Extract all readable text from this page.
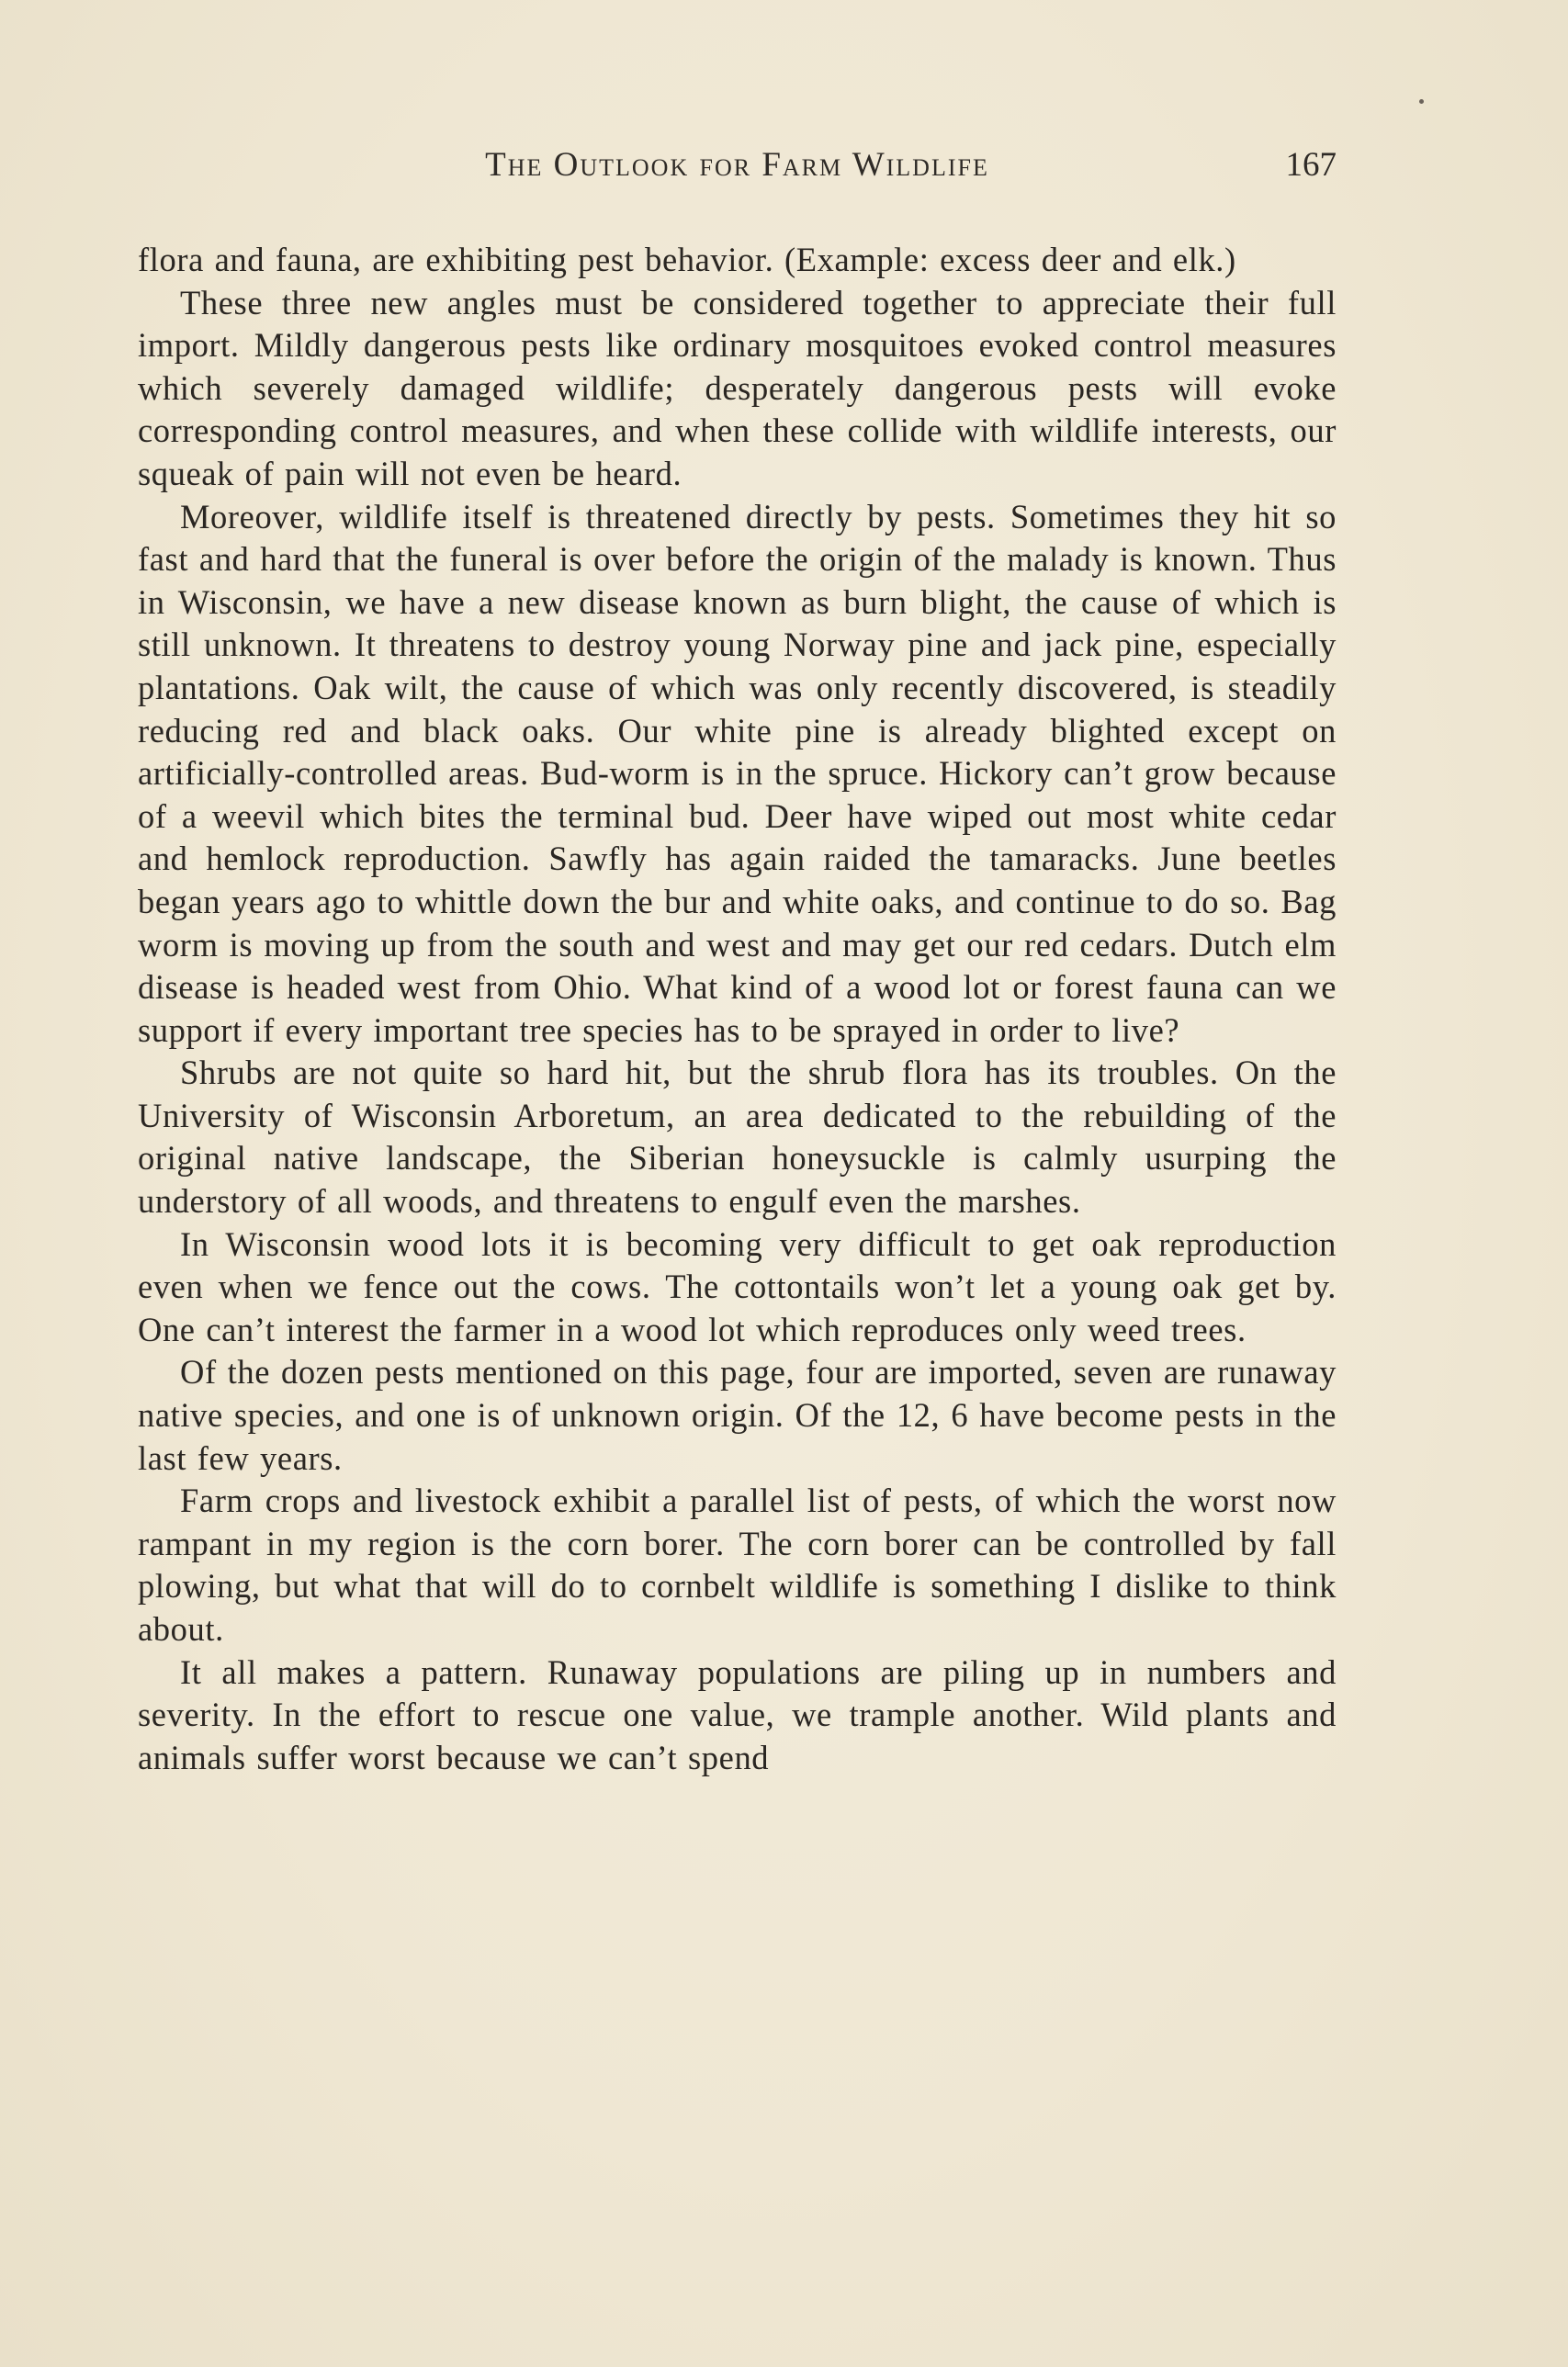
The Outlook for Farm Wildlife	167

flora and fauna, are exhibiting pest behavior. (Example: excess deer and elk.)

These three new angles must be considered together to appreciate their full import. Mildly dangerous pests like ordinary mosquitoes evoked control measures which severely damaged wildlife; desperately dangerous pests will evoke corresponding control measures, and when these collide with wildlife interests, our squeak of pain will not even be heard.

Moreover, wildlife itself is threatened directly by pests. Sometimes they hit so fast and hard that the funeral is over before the origin of the malady is known. Thus in Wisconsin, we have a new disease known as burn blight, the cause of which is still unknown. It threatens to destroy young Norway pine and jack pine, especially plantations. Oak wilt, the cause of which was only recently discovered, is steadily reducing red and black oaks. Our white pine is already blighted except on artificially-controlled areas. Bud-worm is in the spruce. Hickory can’t grow because of a weevil which bites the terminal bud. Deer have wiped out most white cedar and hemlock reproduction. Sawfly has again raided the tamaracks. June beetles began years ago to whittle down the bur and white oaks, and continue to do so. Bag worm is moving up from the south and west and may get our red cedars. Dutch elm disease is headed west from Ohio. What kind of a wood lot or forest fauna can we support if every important tree species has to be sprayed in order to live?

Shrubs are not quite so hard hit, but the shrub flora has its troubles. On the University of Wisconsin Arboretum, an area dedicated to the rebuilding of the original native landscape, the Siberian honeysuckle is calmly usurping the understory of all woods, and threatens to engulf even the marshes.

In Wisconsin wood lots it is becoming very difficult to get oak reproduction even when we fence out the cows. The cottontails won’t let a young oak get by. One can’t interest the farmer in a wood lot which reproduces only weed trees.

Of the dozen pests mentioned on this page, four are imported, seven are runaway native species, and one is of unknown origin. Of the 12, 6 have become pests in the last few years.

Farm crops and livestock exhibit a parallel list of pests, of which the worst now rampant in my region is the corn borer. The corn borer can be controlled by fall plowing, but what that will do to cornbelt wildlife is something I dislike to think about.

It all makes a pattern. Runaway populations are piling up in numbers and severity. In the effort to rescue one value, we trample another. Wild plants and animals suffer worst because we can’t spend
